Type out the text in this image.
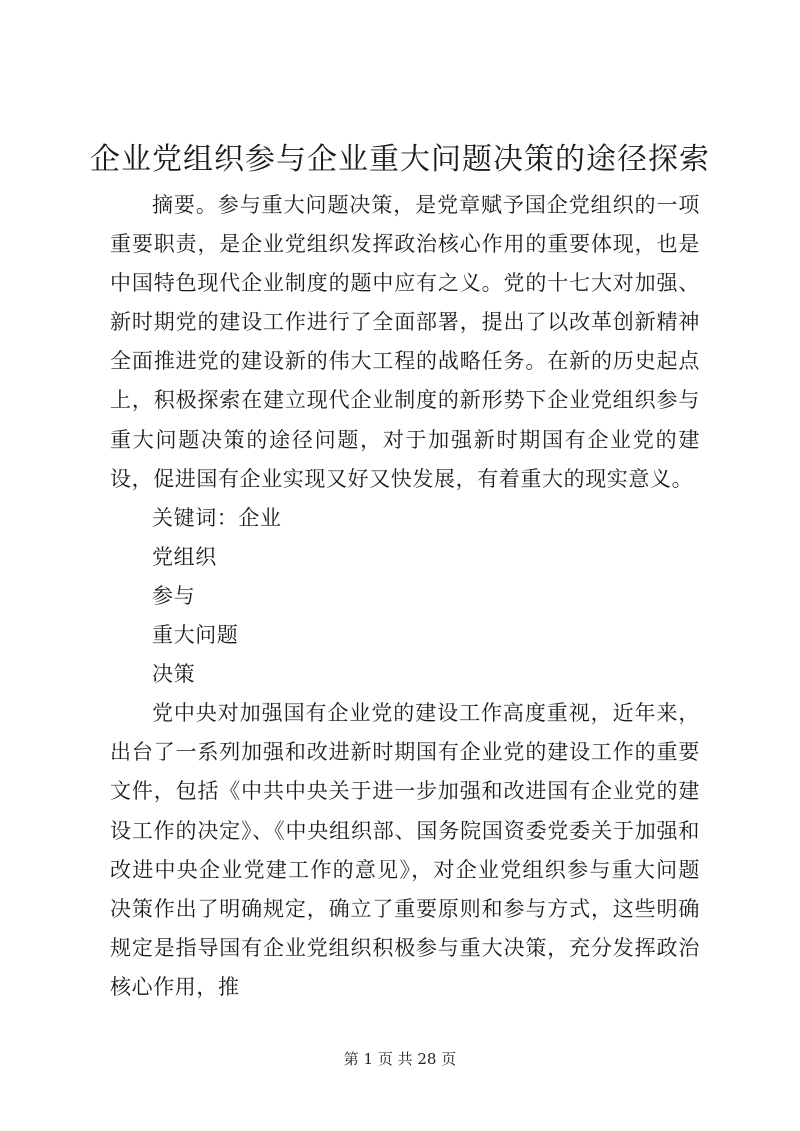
企业党组织参与企业重大问题决策的途径探索

摘要。参与重大问题决策，是党章赋予国企党组织的一项重要职责，是企业党组织发挥政治核心作用的重要体现，也是中国特色现代企业制度的题中应有之义。党的十七大对加强、新时期党的建设工作进行了全面部署，提出了以改革创新精神全面推进党的建设新的伟大工程的战略任务。在新的历史起点上，积极探索在建立现代企业制度的新形势下企业党组织参与重大问题决策的途径问题，对于加强新时期国有企业党的建设，促进国有企业实现又好又快发展，有着重大的现实意义。

关键词：企业

党组织

参与

重大问题

决策

党中央对加强国有企业党的建设工作高度重视，近年来，出台了一系列加强和改进新时期国有企业党的建设工作的重要文件，包括《中共中央关于进一步加强和改进国有企业党的建设工作的决定》、《中央组织部、国务院国资委党委关于加强和改进中央企业党建工作的意见》，对企业党组织参与重大问题决策作出了明确规定，确立了重要原则和参与方式，这些明确规定是指导国有企业党组织积极参与重大决策，充分发挥政治核心作用，推

第 1 页 共 28 页
